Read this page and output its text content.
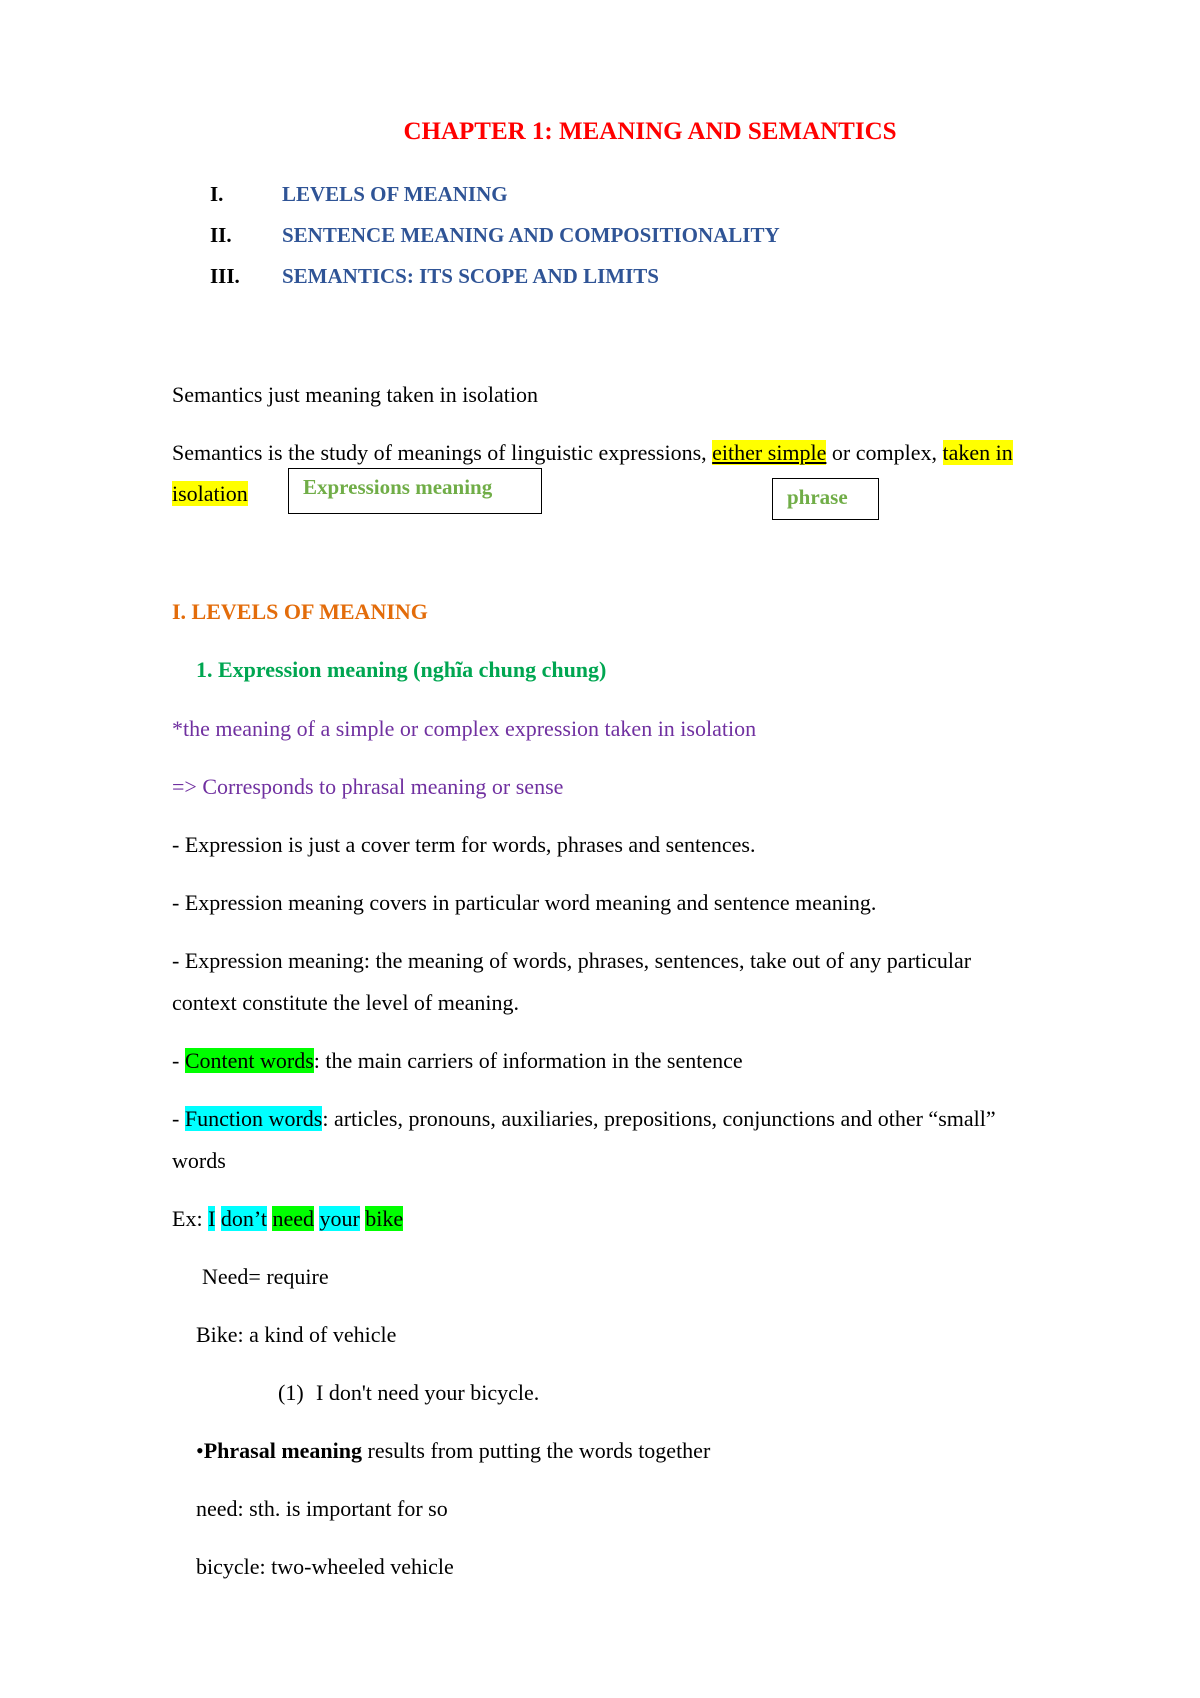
CHAPTER 1: MEANING AND SEMANTICS
I.	LEVELS OF MEANING
II. SENTENCE MEANING AND COMPOSITIONALITY
III. SEMANTICS: ITS SCOPE AND LIMITS
Semantics just meaning taken in isolation
Semantics is the study of meanings of linguistic expressions, either simple or complex, taken in
isolation	Expressions meaning	phrase
I. LEVELS OF MEANING
1. Expression meaning (nghĩa chung chung)
*the meaning of a simple or complex expression taken in isolation
=> Corresponds to phrasal meaning or sense
- Expression is just a cover term for words, phrases and sentences.
- Expression meaning covers in particular word meaning and sentence meaning.
- Expression meaning: the meaning of words, phrases, sentences, take out of any particular
context constitute the level of meaning.
- Content words: the main carriers of information in the sentence
- Function words: articles, pronouns, auxiliaries, prepositions, conjunctions and other “small”
words
Ex: I don’t need your bike
Need= require
Bike: a kind of vehicle
(1) I don't need your bicycle.
•Phrasal meaning results from putting the words together
need: sth. is important for so
bicycle: two-wheeled vehicle
